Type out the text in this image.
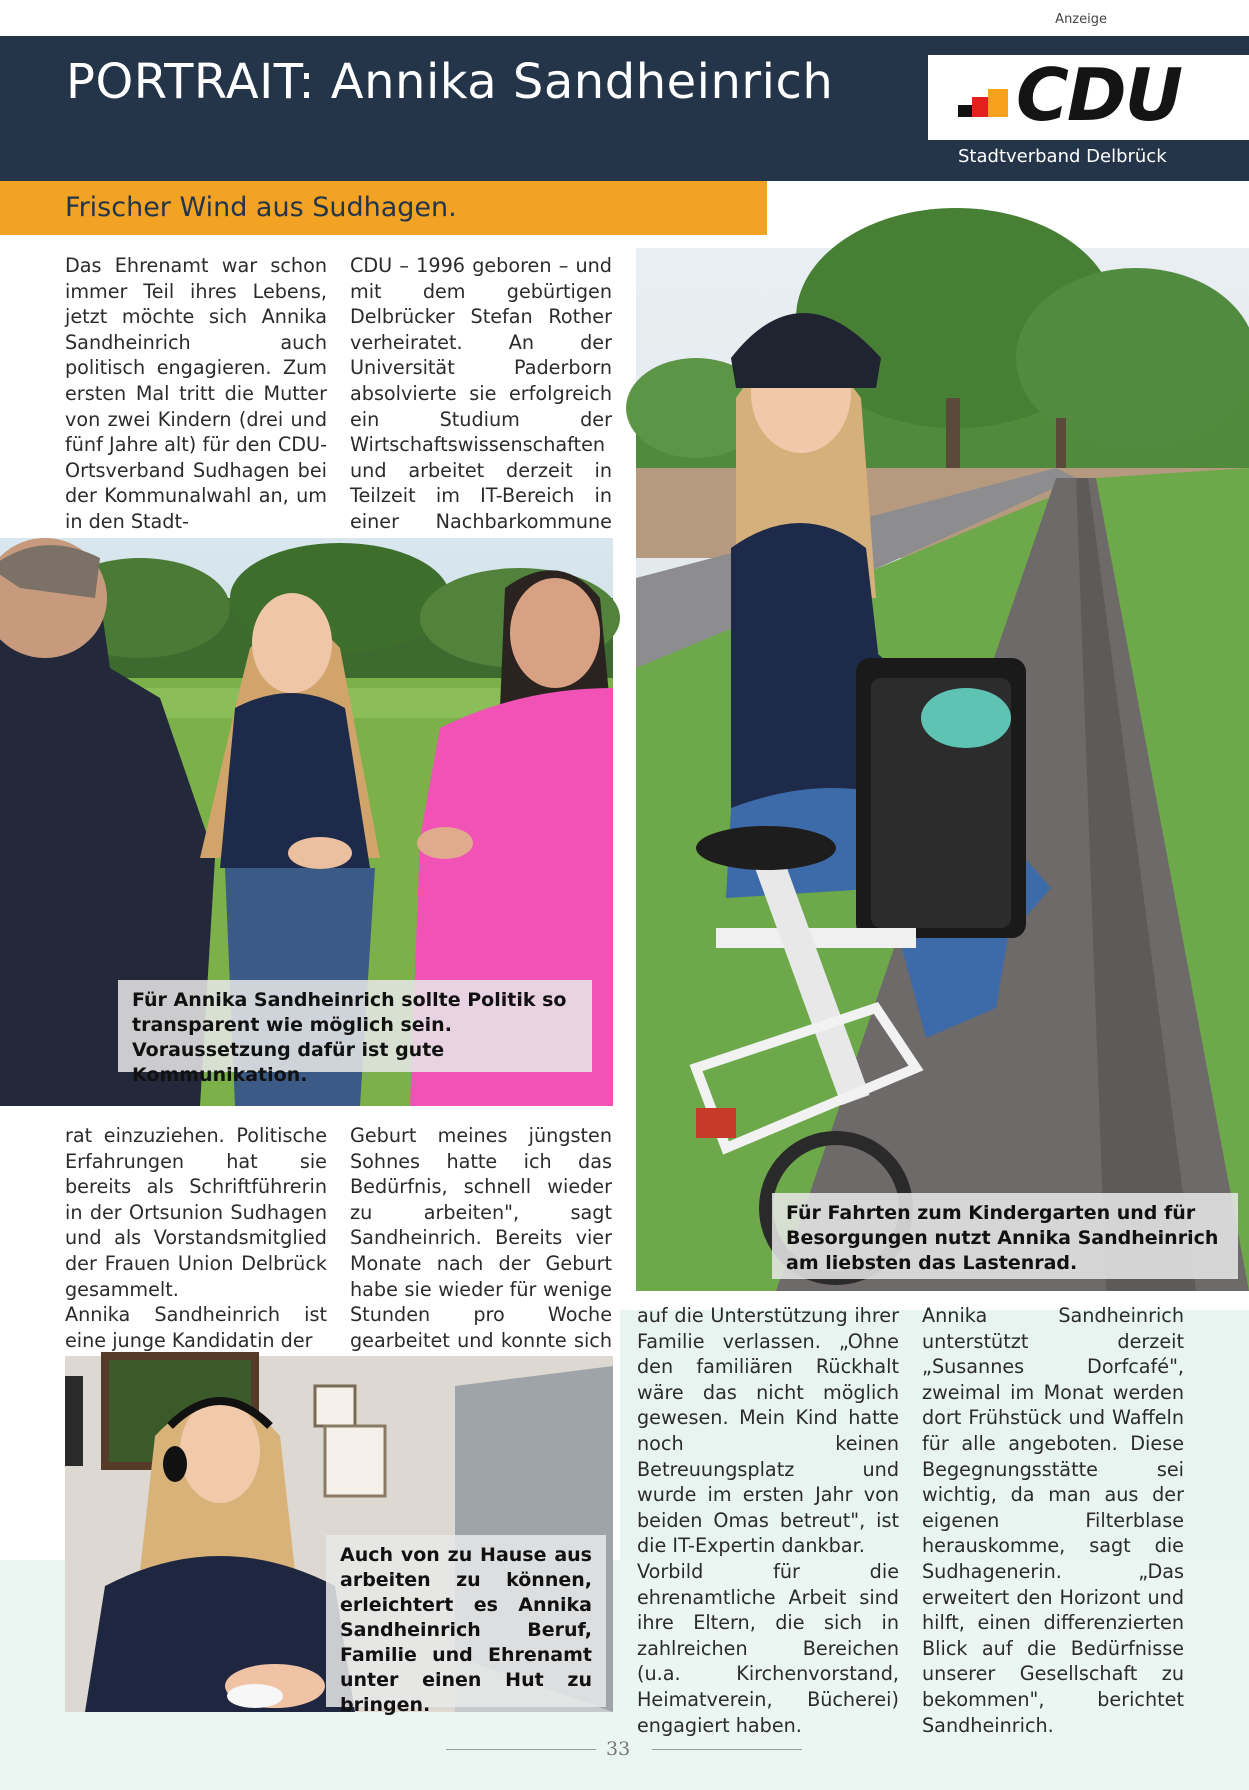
Anzeige
PORTRAIT: Annika Sandheinrich	CDU
Stadtverband Delbrück
Frischer Wind aus Sudhagen.

Das Ehrenamt war schon immer Teil ihres Lebens, jetzt möchte sich Annika Sandheinrich auch politisch engagieren. Zum ersten Mal tritt die Mutter von zwei Kindern (drei und fünf Jahre alt) für den CDU-Ortsverband Sudhagen bei der Kommunalwahl an, um in den Stadt-

CDU – 1996 geboren – und mit dem gebürtigen Delbrücker Stefan Rother verheiratet. An der Universität Paderborn absolvierte sie erfolgreich ein Studium der Wirtschaftswissenschaften und arbeitet derzeit in Teilzeit im IT-Bereich in einer Nachbarkommune

Für Annika Sandheinrich sollte Politik so transparent wie möglich sein. Voraussetzung dafür ist gute Kommunikation.
Für Fahrten zum Kindergarten und für Besorgungen nutzt Annika Sandheinrich am liebsten das Lastenrad.

rat einzuziehen. Politische Erfahrungen hat sie bereits als Schriftführerin in der Ortsunion Sudhagen und als Vorstandsmitglied der Frauen Union Delbrück gesammelt.

Annika Sandheinrich ist eine junge Kandidatin der

Geburt meines jüngsten Sohnes hatte ich das Bedürfnis, schnell wieder zu arbeiten", sagt Sandheinrich. Bereits vier Monate nach der Geburt habe sie wieder für wenige Stunden pro Woche gearbeitet und konnte sich

Auch von zu Hause aus arbeiten zu können, erleichtert es Annika Sandheinrich Beruf, Familie und Ehrenamt unter einen Hut zu bringen.

auf die Unterstützung ihrer Familie verlassen. „Ohne den familiären Rückhalt wäre das nicht möglich gewesen. Mein Kind hatte noch keinen Betreuungsplatz und wurde im ersten Jahr von beiden Omas betreut", ist die IT-Expertin dankbar.

Vorbild für die ehrenamtliche Arbeit sind ihre Eltern, die sich in zahlreichen Bereichen (u.a. Kirchenvorstand, Heimatverein, Bücherei) engagiert haben.

Annika Sandheinrich unterstützt derzeit „Susannes Dorfcafé", zweimal im Monat werden dort Frühstück und Waffeln für alle angeboten. Diese Begegnungsstätte sei wichtig, da man aus der eigenen Filterblase herauskomme, sagt die Sudhagenerin. „Das erweitert den Horizont und hilft, einen differenzierten Blick auf die Bedürfnisse unserer Gesellschaft zu bekommen", berichtet Sandheinrich.

33
